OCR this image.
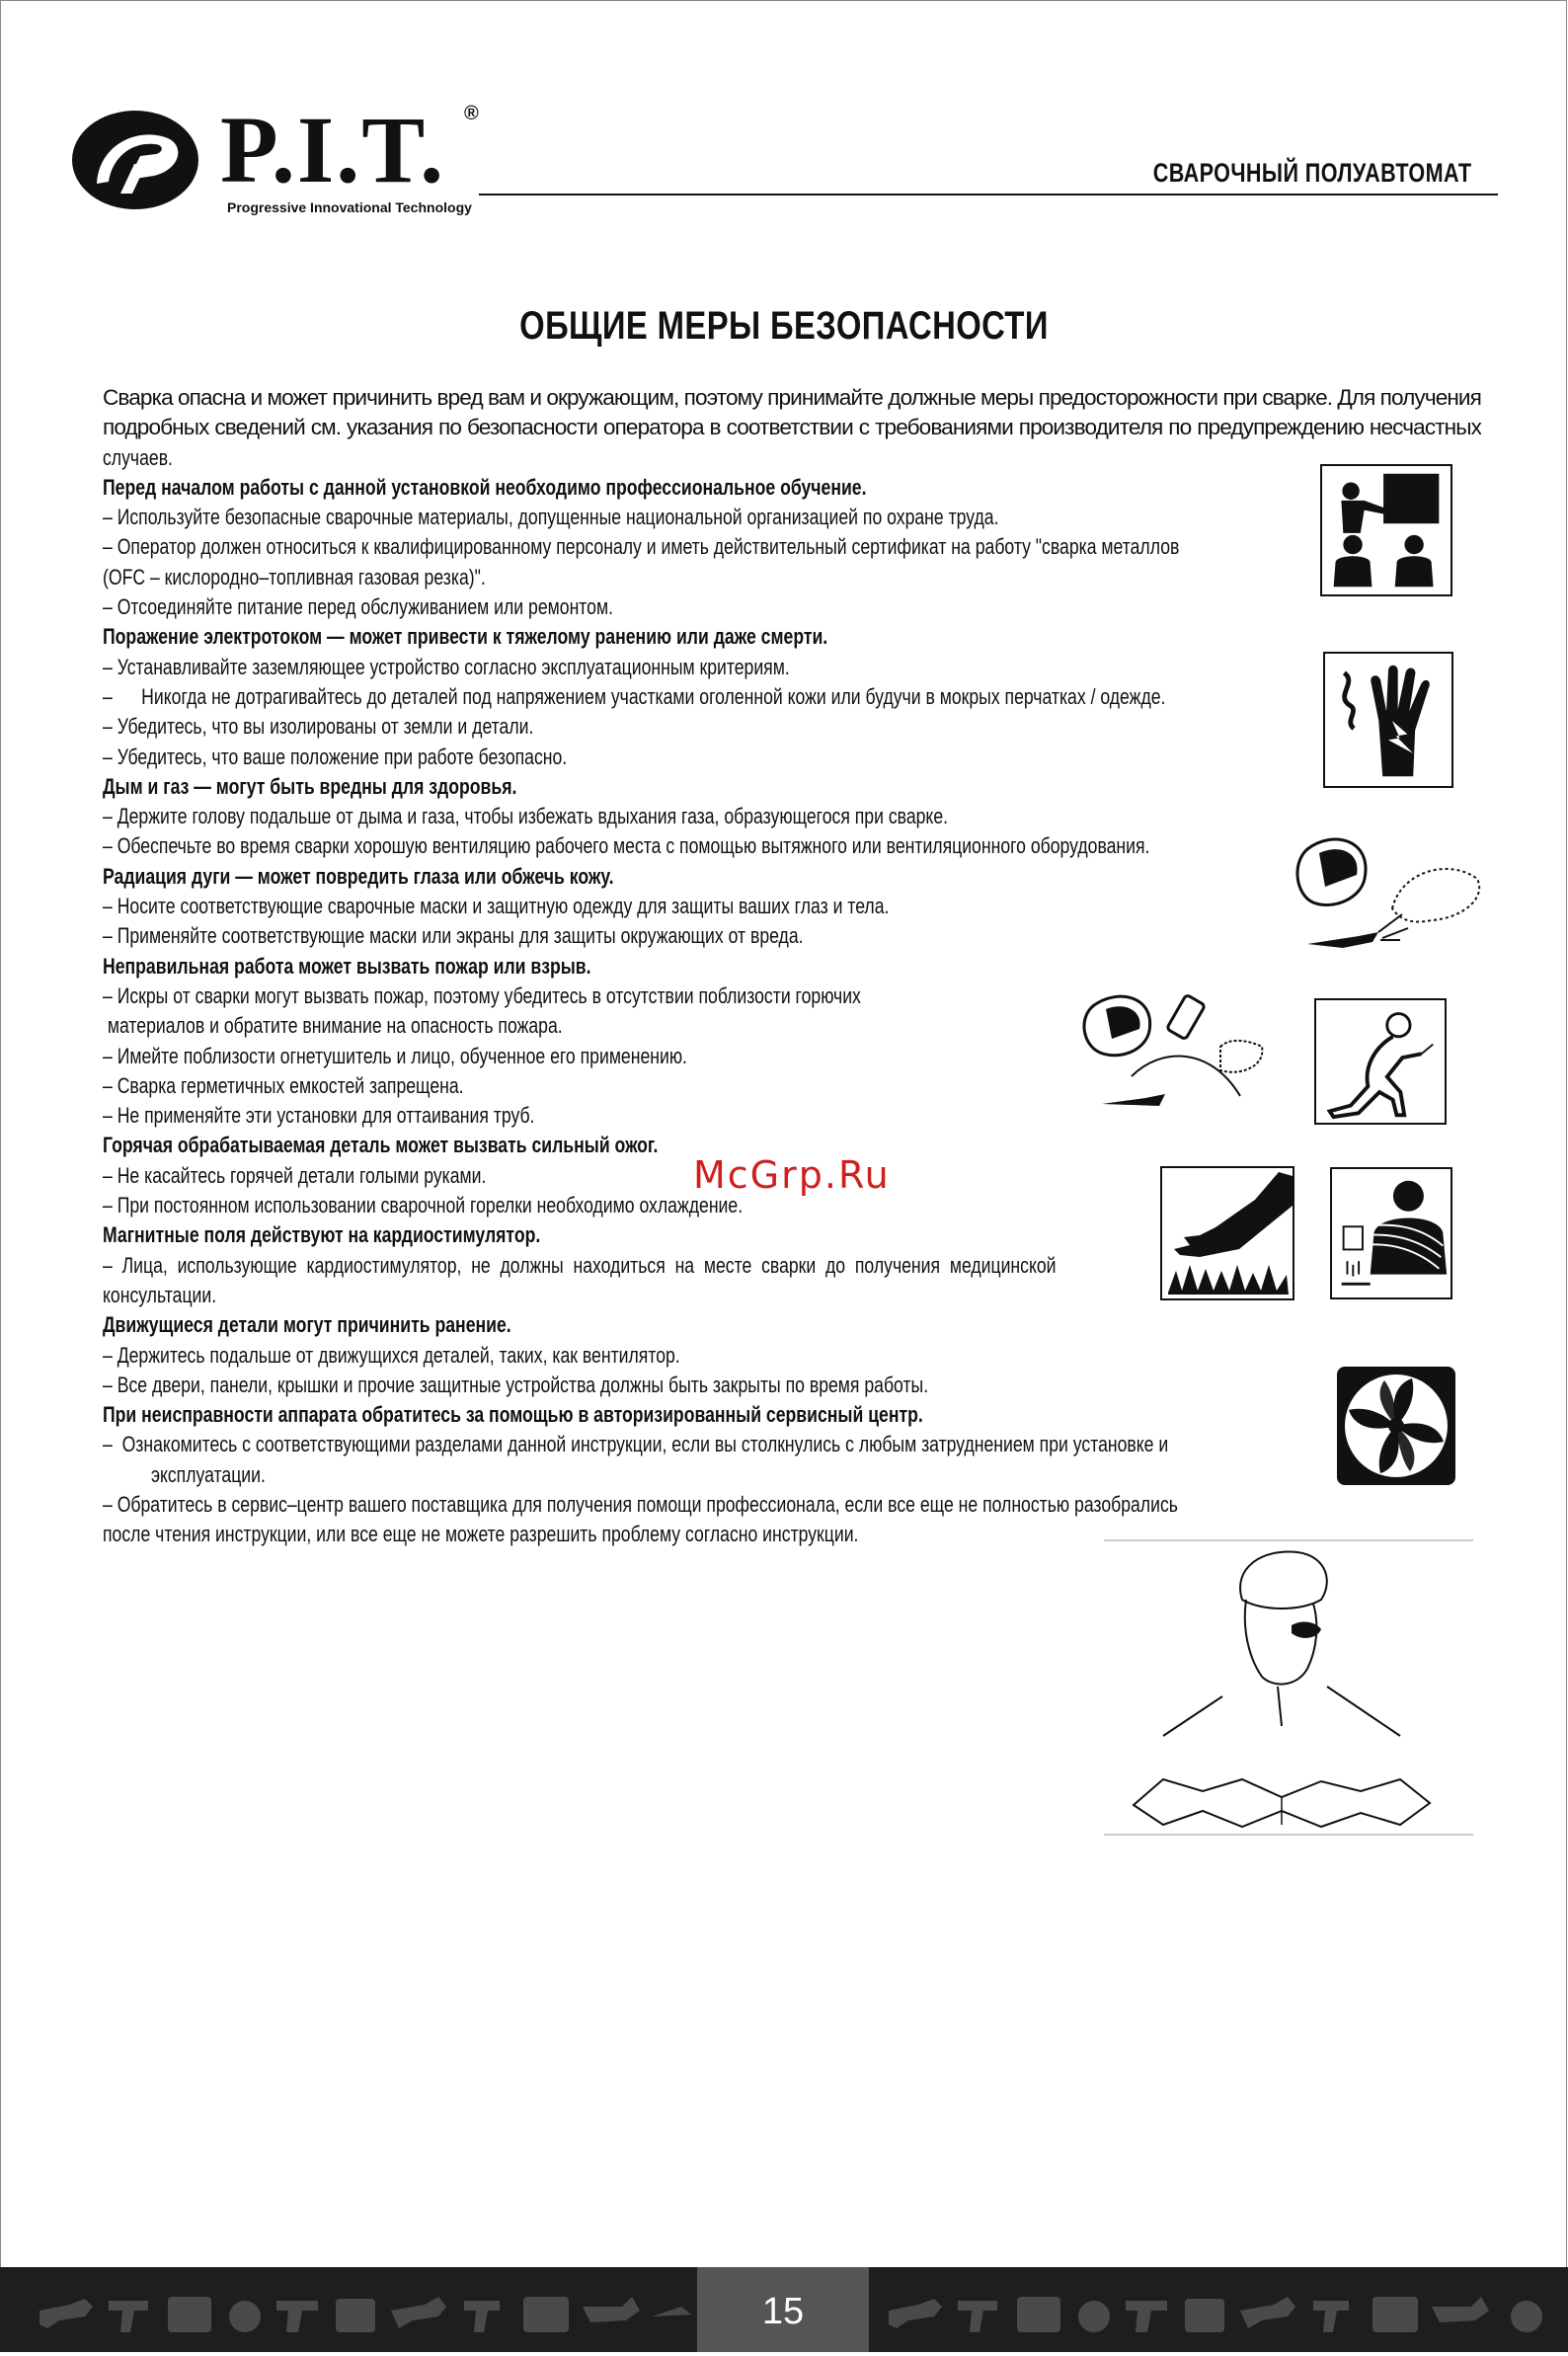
P.I.T. ®
Progressive Innovational Technology
СВАРОЧНЫЙ ПОЛУАВТОМАТ
ОБЩИЕ МЕРЫ БЕЗОПАСНОСТИ
Сварка опасна и может причинить вред вам и окружающим, поэтому принимайте должные меры предосторожности при сварке. Для получения
подробных сведений см. указания по безопасности оператора в соответствии с требованиями производителя по предупреждению несчастных
случаев.
Перед началом работы с данной установкой необходимо профессиональное обучение.
– Используйте безопасные сварочные материалы, допущенные национальной организацией по охране труда.
– Оператор должен относиться к квалифицированному персоналу и иметь действительный сертификат на работу "сварка металлов
(OFC – кислородно–топливная газовая резка)".
– Отсоединяйте питание перед обслуживанием или ремонтом.
Поражение электротоком — может привести к тяжелому ранению или даже смерти.
– Устанавливайте заземляющее устройство согласно эксплуатационным критериям.
–      Никогда не дотрагивайтесь до деталей под напряжением участками оголенной кожи или будучи в мокрых перчатках / одежде.
– Убедитесь, что вы изолированы от земли и детали.
– Убедитесь, что ваше положение при работе безопасно.
Дым и газ — могут быть вредны для здоровья.
– Держите голову подальше от дыма и газа, чтобы избежать вдыхания газа, образующегося при сварке.
– Обеспечьте во время сварки хорошую вентиляцию рабочего места с помощью вытяжного или вентиляционного оборудования.
Радиация дуги — может повредить глаза или обжечь кожу.
– Носите соответствующие сварочные маски и защитную одежду для защиты ваших глаз и тела.
– Применяйте соответствующие маски или экраны для защиты окружающих от вреда.
Неправильная работа может вызвать пожар или взрыв.
– Искры от сварки могут вызвать пожар, поэтому убедитесь в отсутствии поблизости горючих
материалов и обратите внимание на опасность пожара.
– Имейте поблизости огнетушитель и лицо, обученное его применению.
– Сварка герметичных емкостей запрещена.
– Не применяйте эти установки для оттаивания труб.
Горячая обрабатываемая деталь может вызвать сильный ожог.
– Не касайтесь горячей детали голыми руками.
– При постоянном использовании сварочной горелки необходимо охлаждение.
Магнитные поля действуют на кардиостимулятор.
–  Лица,  использующие  кардиостимулятор,  не  должны  находиться  на  месте  сварки  до  получения  медицинской
консультации.
Движущиеся детали могут причинить ранение.
– Держитесь подальше от движущихся деталей, таких, как вентилятор.
– Все двери, панели, крышки и прочие защитные устройства должны быть закрыты по время работы.
При неисправности аппарата обратитесь за помощью в авторизированный сервисный центр.
–  Ознакомитесь с соответствующими разделами данной инструкции, если вы столкнулись с любым затруднением при установке и
эксплуатации.
– Обратитесь в сервис–центр вашего поставщика для получения помощи профессионала, если все еще не полностью разобрались
после чтения инструкции, или все еще не можете разрешить проблему согласно инструкции.
McGrp.Ru
15
